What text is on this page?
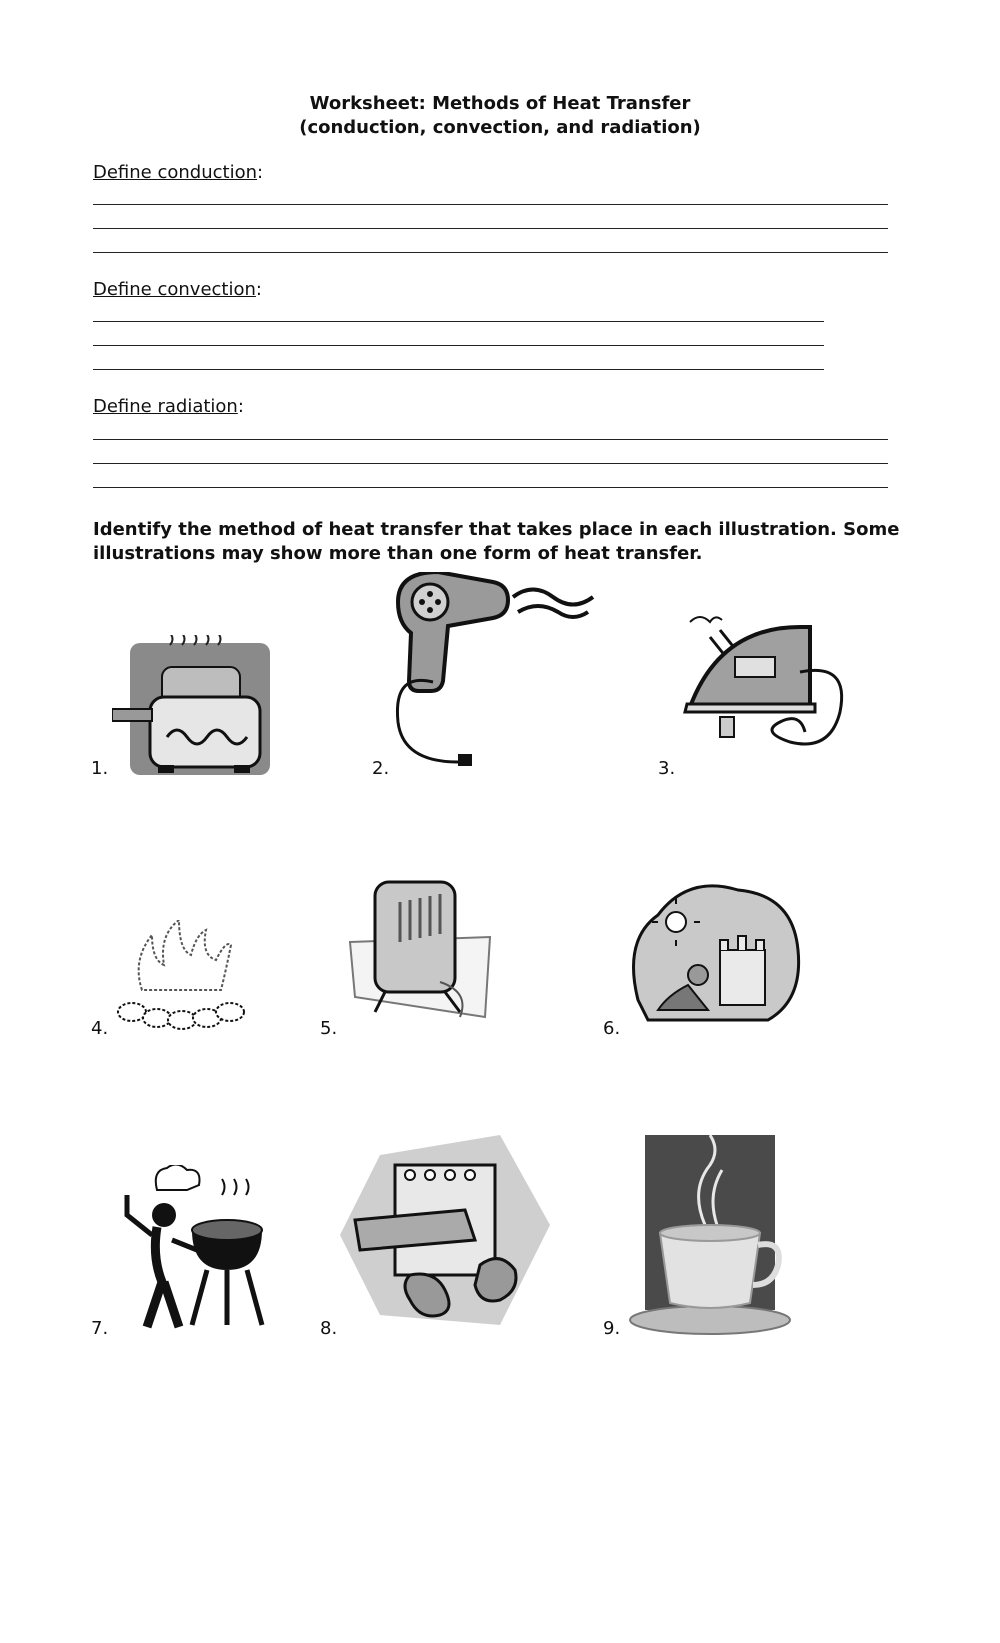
Worksheet: Methods of Heat Transfer
(conduction, convection, and radiation)
Define conduction:
Define convection:
Define radiation:
Identify the method of heat transfer that takes place in each illustration. Some illustrations may show more than one form of heat transfer.
1.	2.	3.
4.	5.	6.
7.	8.	9.
